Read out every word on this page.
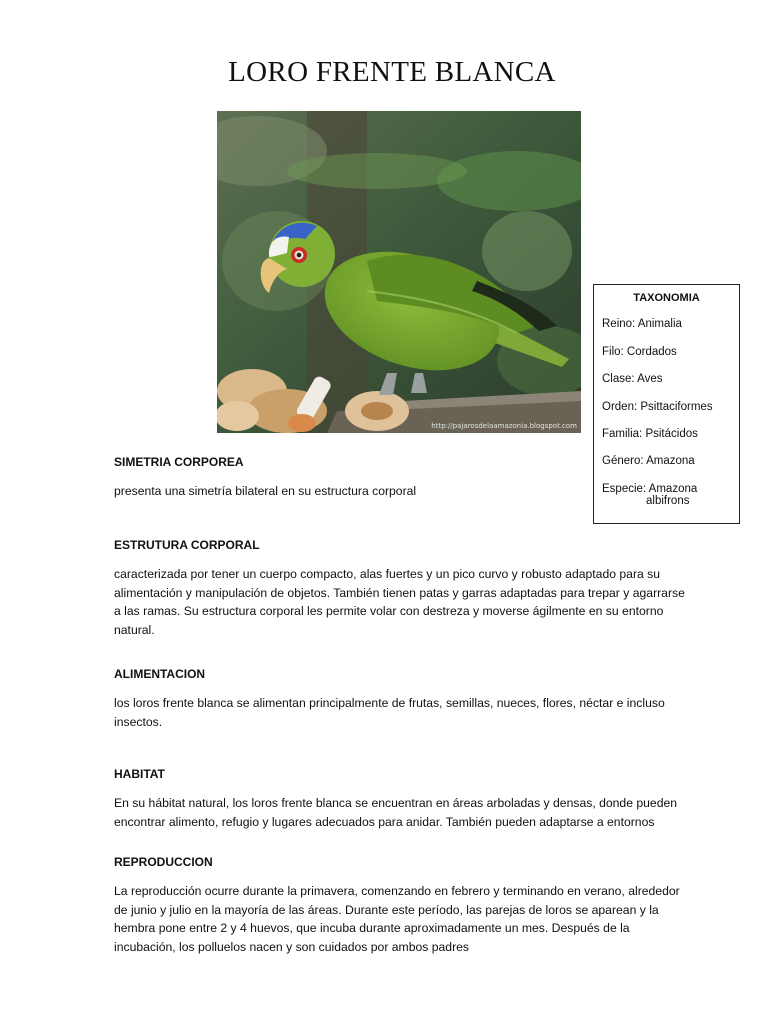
LORO FRENTE BLANCA
http://pajarosdelaamazonia.blogspot.com
TAXONOMIA
Reino: Animalia
Filo: Cordados
Clase: Aves
Orden: Psittaciformes
Familia: Psitácidos
Género: Amazona
Especie: Amazona
albifrons
SIMETRIA CORPOREA
presenta una simetría bilateral en su estructura corporal
ESTRUTURA CORPORAL
caracterizada por tener un cuerpo compacto, alas fuertes y un pico curvo y robusto adaptado para su
alimentación y manipulación de objetos. También tienen patas y garras adaptadas para trepar y agarrarse
a las ramas. Su estructura corporal les permite volar con destreza y moverse ágilmente en su entorno
natural.
ALIMENTACION
los loros frente blanca se alimentan principalmente de frutas, semillas, nueces, flores, néctar e incluso
insectos.
HABITAT
En su hábitat natural, los loros frente blanca se encuentran en áreas arboladas y densas, donde pueden
encontrar alimento, refugio y lugares adecuados para anidar. También pueden adaptarse a entornos
REPRODUCCION
La reproducción ocurre durante la primavera, comenzando en febrero y terminando en verano, alrededor
de junio y julio en la mayoría de las áreas. Durante este período, las parejas de loros se aparean y la
hembra pone entre 2 y 4 huevos, que incuba durante aproximadamente un mes. Después de la
incubación, los polluelos nacen y son cuidados por ambos padres
